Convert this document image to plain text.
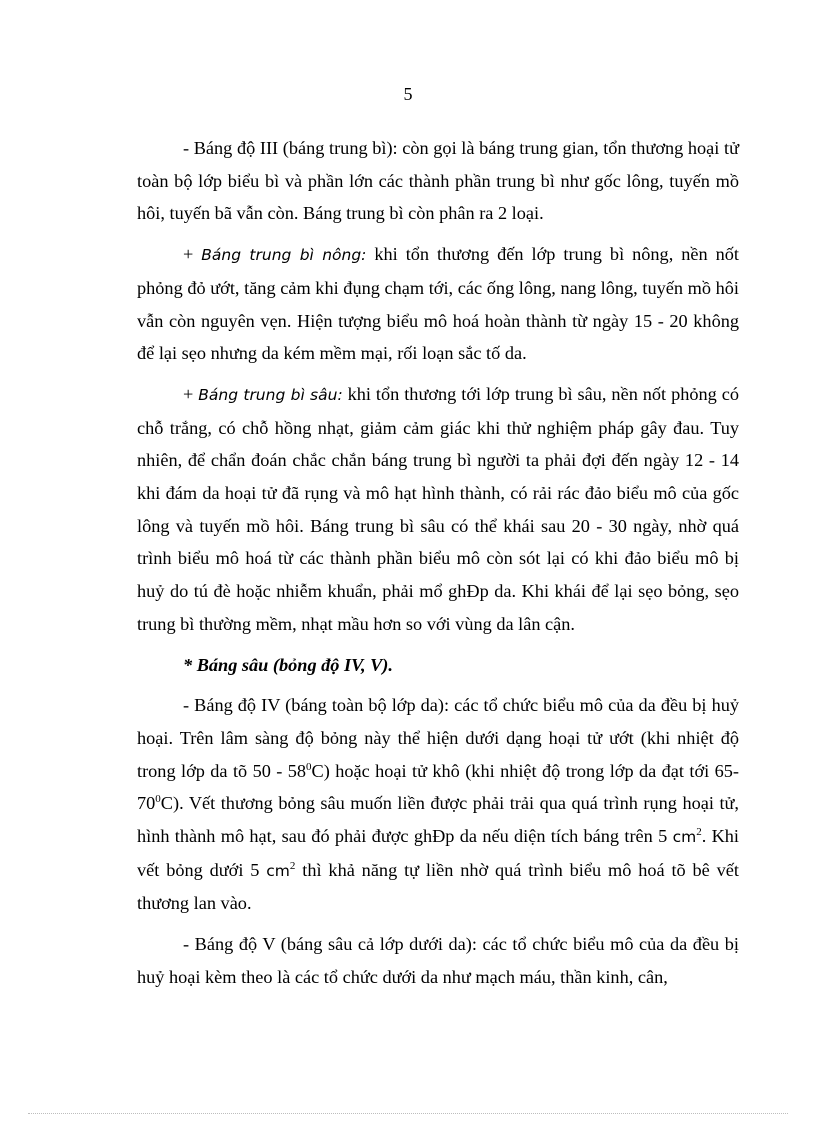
5

- Báng độ III (báng trung bì): còn gọi là báng trung gian, tổn thương hoại tử toàn bộ lớp biểu bì và phần lớn các thành phần trung bì như gốc lông, tuyến mồ hôi, tuyến bã vẫn còn. Báng trung bì còn phân ra 2 loại.

+ Báng trung bì nông: khi tổn thương đến lớp trung bì nông, nền nốt phỏng đỏ ướt, tăng cảm khi đụng chạm tới, các ống lông, nang lông, tuyến mồ hôi vẫn còn nguyên vẹn. Hiện tượng biểu mô hoá hoàn thành từ ngày 15 - 20 không để lại sẹo nhưng da kém mềm mại, rối loạn sắc tố da.

+ Báng trung bì sâu: khi tổn thương tới lớp trung bì sâu, nền nốt phỏng có chỗ trắng, có chỗ hồng nhạt, giảm cảm giác khi thử nghiệm pháp gây đau. Tuy nhiên, để chẩn đoán chắc chắn báng trung bì người ta phải đợi đến ngày 12 - 14 khi đám da hoại tử đã rụng và mô hạt hình thành, có rải rác đảo biểu mô của gốc lông và tuyến mồ hôi. Báng trung bì sâu có thể khái sau 20 - 30 ngày, nhờ quá trình biểu mô hoá từ các thành phần biểu mô còn sót lại có khi đảo biểu mô bị huỷ do tú đè hoặc nhiễm khuẩn, phải mổ ghĐp da. Khi khái để lại sẹo bỏng, sẹo trung bì thường mềm, nhạt mầu hơn so với vùng da lân cận.

* Báng sâu (bỏng độ IV, V).

- Báng độ IV (báng toàn bộ lớp da): các tổ chức biểu mô của da đều bị huỷ hoại. Trên lâm sàng độ bỏng này thể hiện dưới dạng hoại tử ướt (khi nhiệt độ trong lớp da tõ $50 - 58^0C$) hoặc hoại tử khô (khi nhiệt độ trong lớp da đạt tới $65-70^0C$). Vết thương bỏng sâu muốn liền được phải trải qua quá trình rụng hoại tử, hình thành mô hạt, sau đó phải được ghĐp da nếu diện tích báng trên 5 $cm^2$. Khi vết bỏng dưới 5 $cm^2$ thì khả năng tự liền nhờ quá trình biểu mô hoá tõ bê vết thương lan vào.

- Báng độ V (báng sâu cả lớp dưới da): các tổ chức biểu mô của da đều bị huỷ hoại kèm theo là các tổ chức dưới da như mạch máu, thần kinh, cân,
